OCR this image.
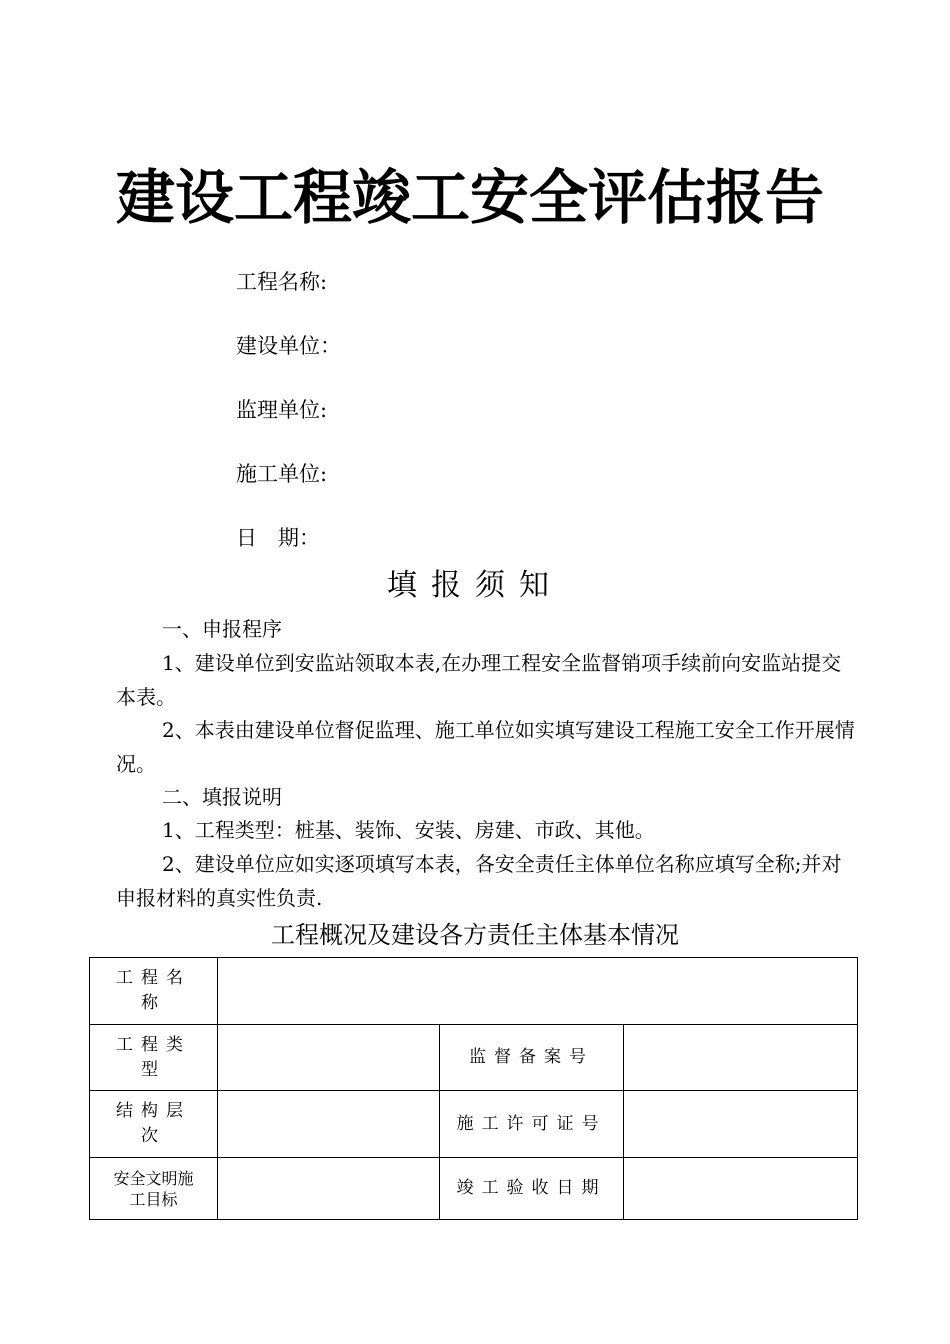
建设工程竣工安全评估报告
工程名称:
建设单位：
监理单位:
施工单位:
日　期：
填报须知
一、申报程序
1、建设单位到安监站领取本表,在办理工程安全监督销项手续前向安监站提交本表。
2、本表由建设单位督促监理、施工单位如实填写建设工程施工安全工作开展情况。
二、填报说明
1、工程类型：桩基、装饰、安装、房建、市政、其他。
2、建设单位应如实逐项填写本表，各安全责任主体单位名称应填写全称;并对申报材料的真实性负责.
工程概况及建设各方责任主体基本情况
工程名称			
工程类型		监督备案号	
结构层次		施工许可证号	
安全文明施工目标		竣工验收日期	
